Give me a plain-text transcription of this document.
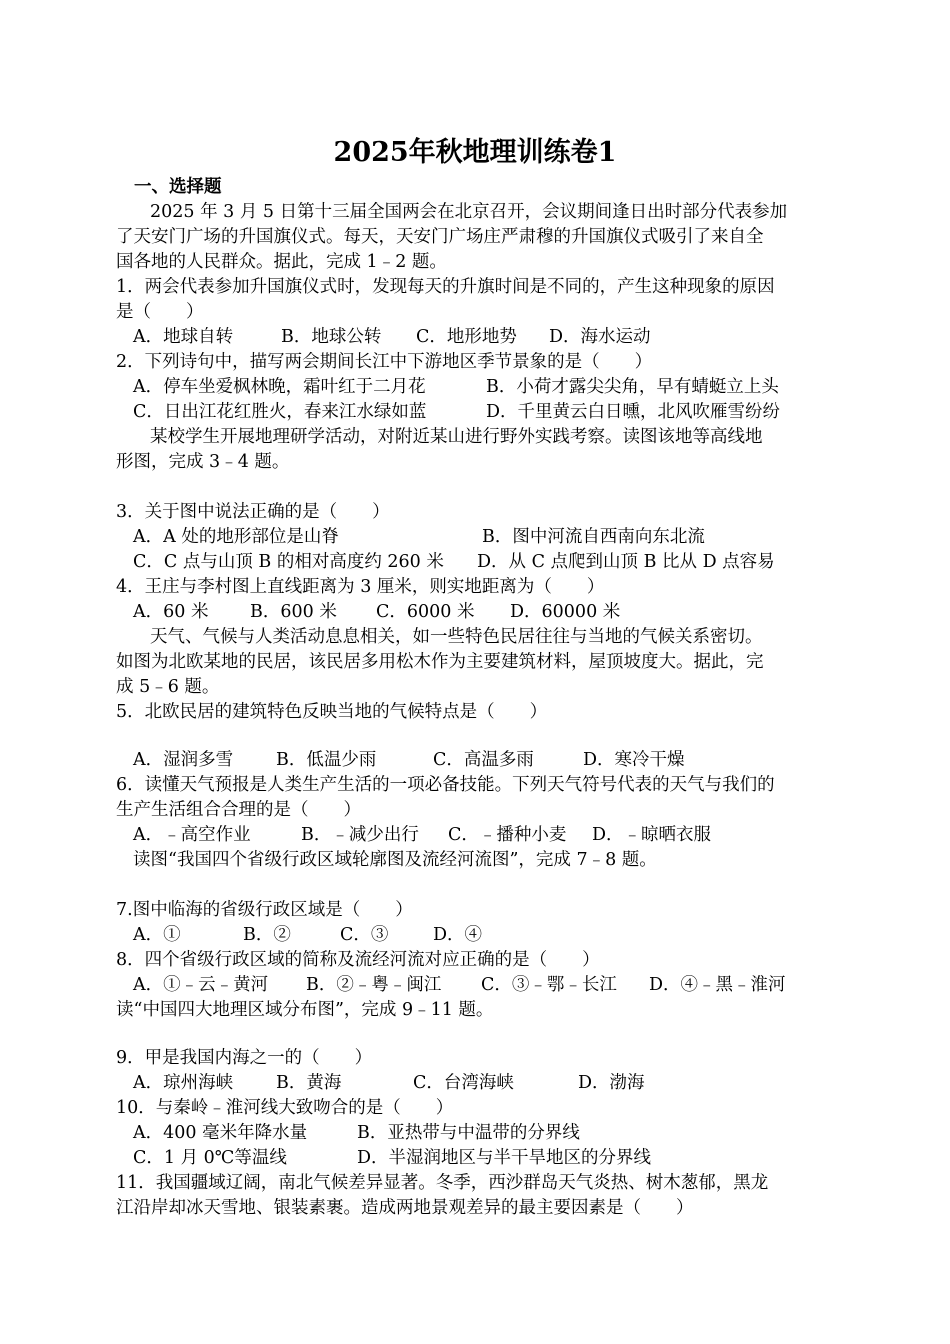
2025年秋地理训练卷1
一、选择题
2025 年 3 月 5 日第十三届全国两会在北京召开，会议期间逢日出时部分代表参加
了天安门广场的升国旗仪式。每天，天安门广场庄严肃穆的升国旗仪式吸引了来自全
国各地的人民群众。据此，完成 1﹣2 题。
1．两会代表参加升国旗仪式时，发现每天的升旗时间是不同的，产生这种现象的原因
是（　　）
A．地球自转	B．地球公转 C．地形地势 D．海水运动
2．下列诗句中，描写两会期间长江中下游地区季节景象的是（　　）
A．停车坐爱枫林晚，霜叶红于二月花	B．小荷才露尖尖角，早有蜻蜓立上头
C．日出江花红胜火，春来江水绿如蓝	D．千里黄云白日曛，北风吹雁雪纷纷
某校学生开展地理研学活动，对附近某山进行野外实践考察。读图该地等高线地
形图，完成 3﹣4 题。
3．关于图中说法正确的是（　　）
A．A 处的地形部位是山脊	B．图中河流自西南向东北流
C．C 点与山顶 B 的相对高度约 260 米 D．从 C 点爬到山顶 B 比从 D 点容易
4．王庄与李村图上直线距离为 3 厘米，则实地距离为（　　）
A．60 米 B．600 米 C．6000 米 D．60000 米
天气、气候与人类活动息息相关，如一些特色民居往往与当地的气候关系密切。
如图为北欧某地的民居，该民居多用松木作为主要建筑材料，屋顶坡度大。据此，完
成 5﹣6 题。
5．北欧民居的建筑特色反映当地的气候特点是（　　）
A．湿润多雪 B．低温少雨	C．高温多雨	D．寒冷干燥
6．读懂天气预报是人类生产生活的一项必备技能。下列天气符号代表的天气与我们的
生产生活组合合理的是（　　）
A．﹣高空作业	B．﹣减少出行 C．﹣播种小麦 D．﹣晾晒衣服
读图“我国四个省级行政区域轮廓图及流经河流图”，完成 7﹣8 题。
7.图中临海的省级行政区域是（　　）
A．①	B．②	C．③	D．④
8．四个省级行政区域的简称及流经河流对应正确的是（　　）
A．①﹣云﹣黄河 B．②﹣粤﹣闽江 C．③﹣鄂﹣长江 D．④﹣黑﹣淮河
读“中国四大地理区域分布图”，完成 9﹣11 题。
9．甲是我国内海之一的（　　）
A．琼州海峡 B．黄海	C．台湾海峡	D．渤海
10．与秦岭﹣淮河线大致吻合的是（　　）
A．400 毫米年降水量	B．亚热带与中温带的分界线
C．1 月 0℃等温线	D．半湿润地区与半干旱地区的分界线
11．我国疆域辽阔，南北气候差异显著。冬季，西沙群岛天气炎热、树木葱郁，黑龙
江沿岸却冰天雪地、银装素裹。造成两地景观差异的最主要因素是（　　）
